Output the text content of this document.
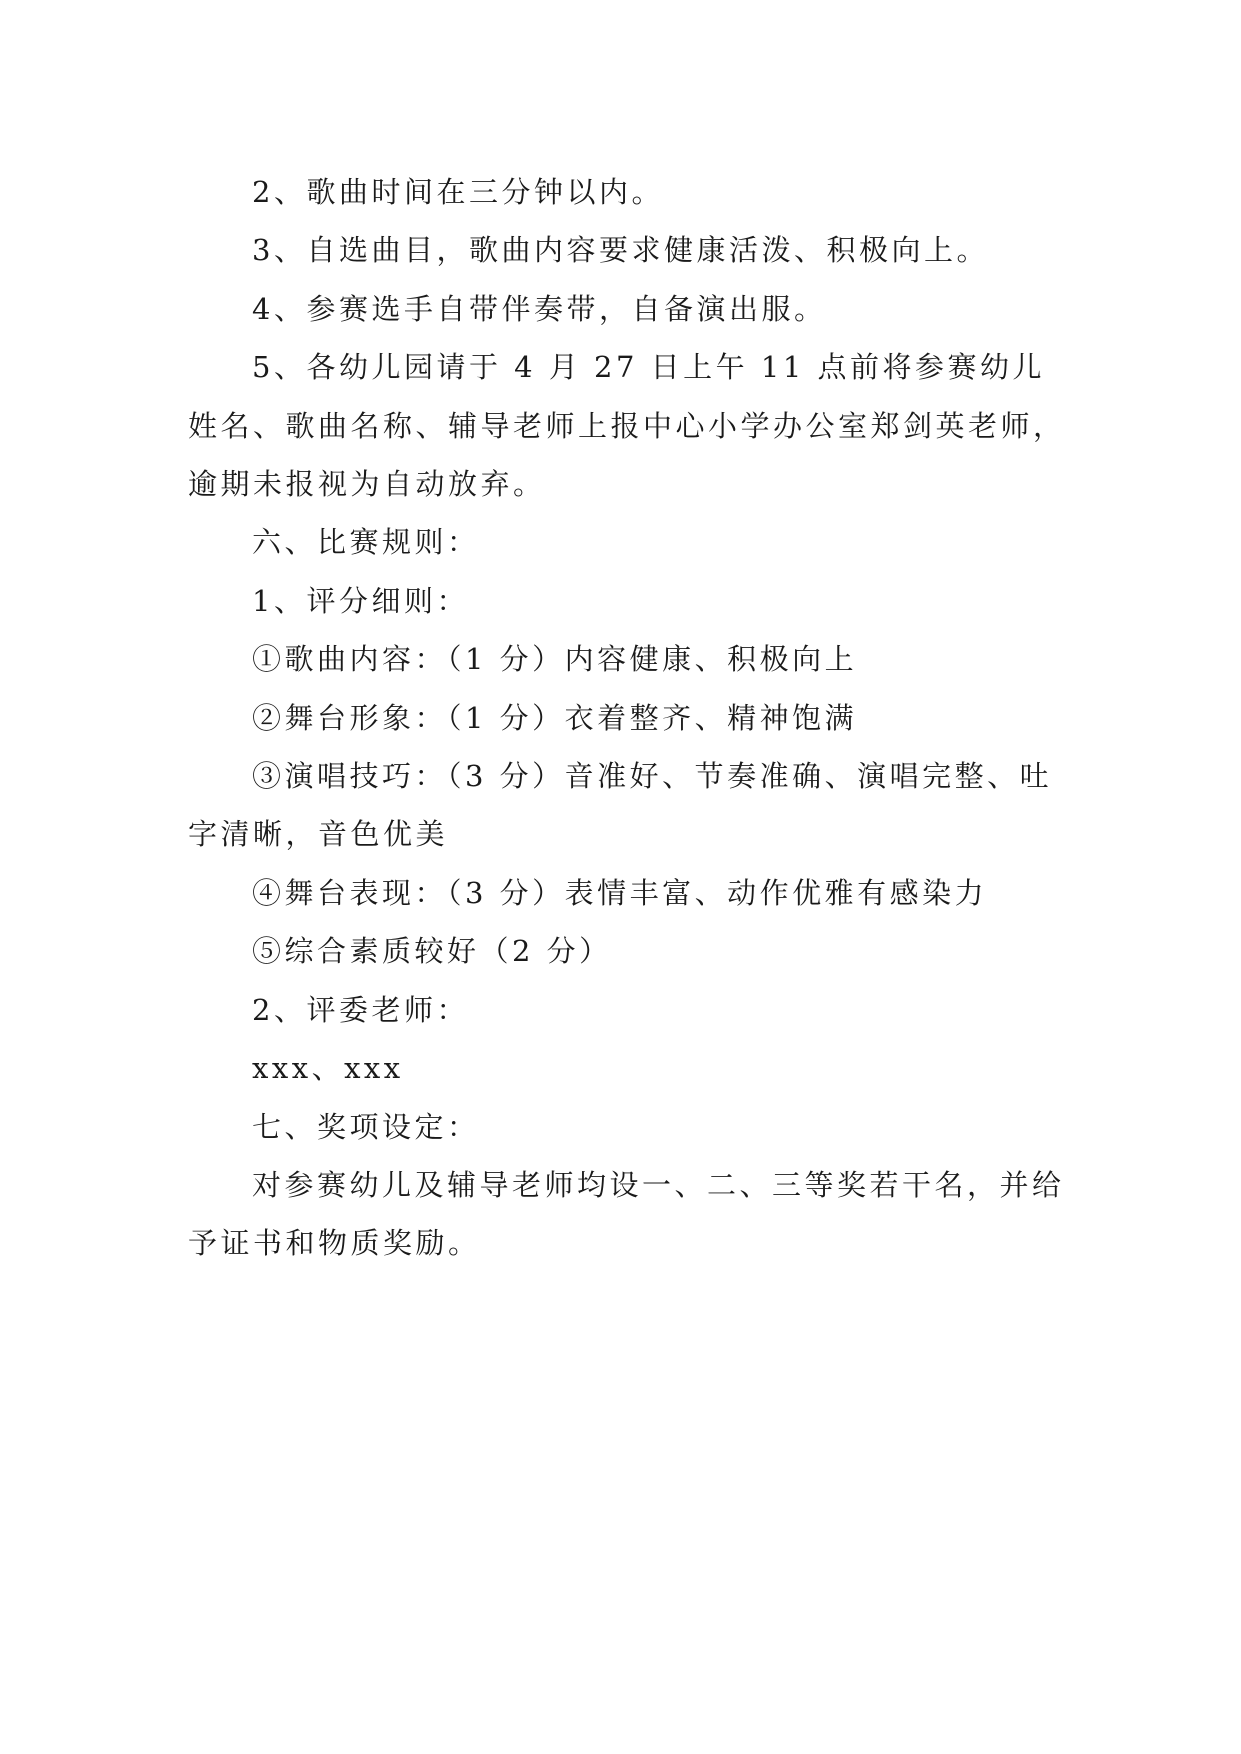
2、歌曲时间在三分钟以内。

3、自选曲目，歌曲内容要求健康活泼、积极向上。

4、参赛选手自带伴奏带，自备演出服。

5、各幼儿园请于 4 月 27 日上午 11 点前将参赛幼儿姓名、歌曲名称、辅导老师上报中心小学办公室郑剑英老师，逾期未报视为自动放弃。

六、比赛规则：

1、评分细则：

①歌曲内容：（1 分）内容健康、积极向上

②舞台形象：（1 分）衣着整齐、精神饱满

③演唱技巧：（3 分）音准好、节奏准确、演唱完整、吐字清晰，音色优美

④舞台表现：（3 分）表情丰富、动作优雅有感染力

⑤综合素质较好（2 分）

2、评委老师：

xxx、xxx

七、奖项设定：

对参赛幼儿及辅导老师均设一、二、三等奖若干名，并给予证书和物质奖励。
